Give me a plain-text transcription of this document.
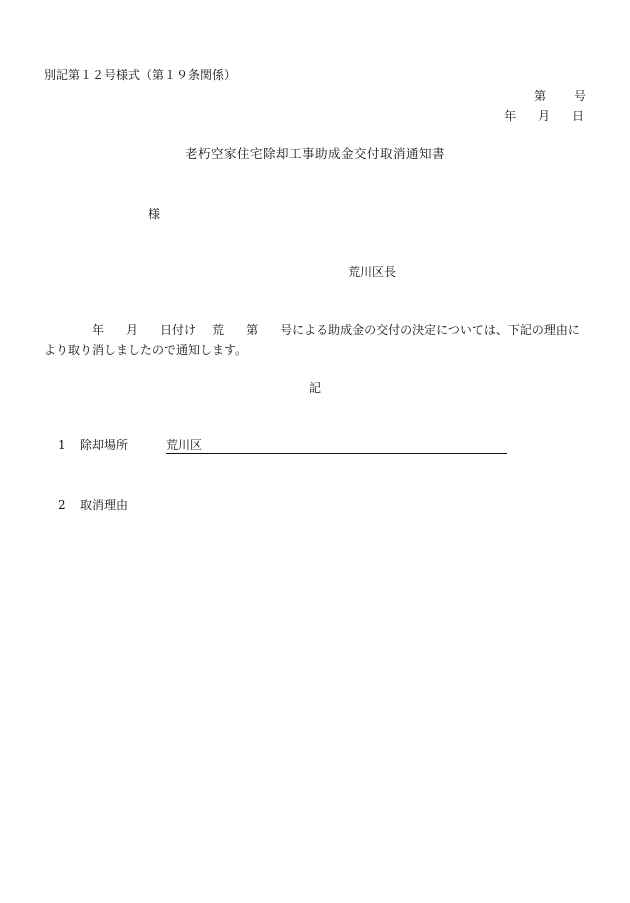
別記第１２号様式（第１９条関係）
第 号
年 月 日
老朽空家住宅除却工事助成金交付取消通知書
様
荒川区長
年 月 日付け 荒 第 号による助成金の交付の決定については、下記の理由に
より取り消しましたので通知します。
記
1 除却場所	荒川区
2 取消理由
